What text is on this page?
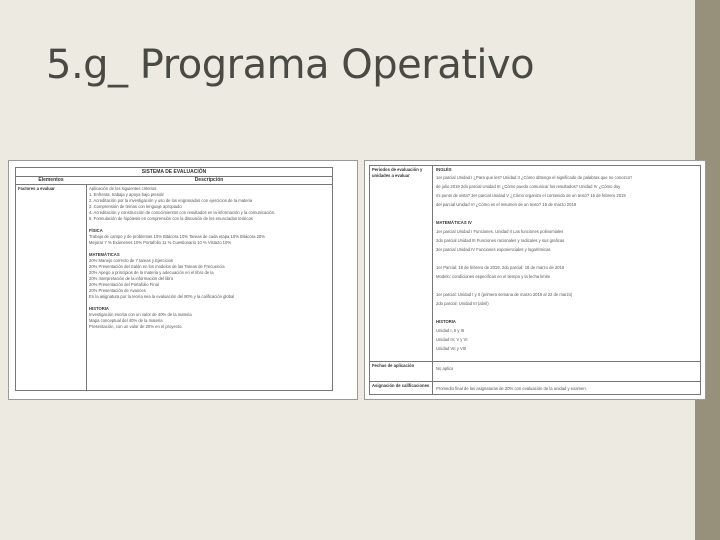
5.g_ Programa Operativo
SISTEMA DE EVALUACIÓN
Elementos	Descripción
Factores a evaluar	Aplicación de los siguientes criterios:
1. Enfrenta, trabaja y apoya bajo presión
2. Acreditación por la investigación y uso de los engranados con ejercicios de la materia
3. Comprensión de temas con lenguaje apropiado
4. Acreditación y construcción de conocimientos con resultados en la información y la comunicación.
5. Formulación de hipótesis en comprensión con la discusión de los enunciados teóricos
FÍSICA
Trabajo de campo y de problemas 10% Bitácora 10% Tareas de cada etapa 10% Bitácora 20%
Mejorar 7 % Exámenes 10% Portafolio 11 % Cuestionario 10 % Vistazo 10%
MATEMÁTICAS
20% Manejo correcto de 7 tareas y Ejercicios
20% Presentación del Salón en los modelos de las Tareas de Frecuencia
20% Apego a principios de la materia y adecuación en el libro de la
20% Interpretación de la información del libro
20% Presentación del Portafolio Final
20% Presentación de Avances
En la asignatura por la teoría sea la evaluación del 80% y la calificación global
HISTORIA
Investigación escrita con un valor de 40% de la materia
Mapa conceptual del 40% de la materia
Presentación, con un valor de 20% en el proyecto.
Periodos de evaluación y unidades a evaluar
INGLÉS
1er parcial Unidad I ¿Para que les? Unidad II ¿Cómo obtengo el significado de palabras que no conozco?
de julio 2019 2do parcial Unidad III ¿Cómo puedo comunicar los resultados? Unidad IV ¿Cómo doy
mi punto de vista? 3er parcial Unidad V ¿Cómo organizo el contenido de un texto? 15 de febrero 2019
del parcial Unidad VI ¿Cómo es el resumen de un texto? 15 de marzo 2019
MATEMÁTICAS IV
1er parcial Unidad I Funciones. Unidad II Las funciones polinomiales
2do parcial Unidad III Funciones racionales y radicales y sus graficas
3er parcial Unidad IV Funciones exponenciales y logarítmicas
1er Parcial: 18 de febrero de 2019, 2do parcial: 18 de marzo de 2019
Modelo: condiciones especificas en el tiempo y la fecha limite
1er parcial: Unidad I y II (primera semana de marzo 2019 al 22 de marzo)
2do parcial: Unidad III (abril)
HISTORIA
Unidad I, II y III
Unidad IV, V y VI
Unidad VII y VIII
Fechas de aplicación
No aplica
Asignación de calificaciones
Promedio final de las asignaturas de 20% con evaluación de la unidad y examen.
